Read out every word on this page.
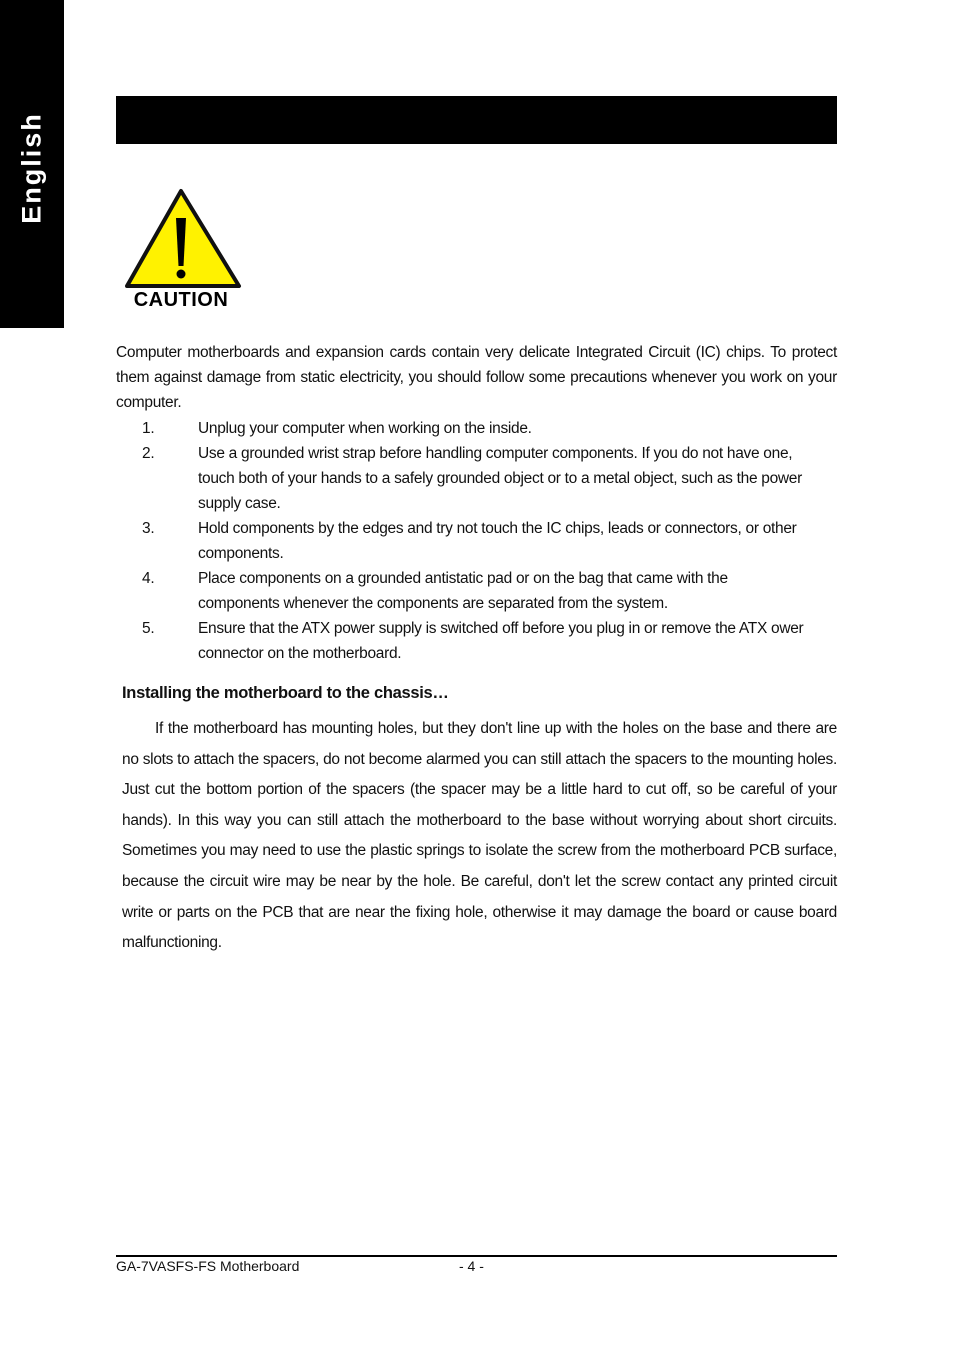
English
CAUTION

Computer motherboards and expansion cards contain very delicate Integrated Circuit (IC) chips. To protect them against damage from static electricity, you should follow some precautions whenever you work on your computer.

1.	Unplug your computer when working on the inside.
2.	Use a grounded wrist strap before handling computer components. If you do not have one, touch both of your hands to a safely grounded object or to a metal object, such as the power supply case.
3.	Hold components by the edges and try not touch the IC chips, leads or connectors, or other components.
4.	Place components on a grounded antistatic pad or on the bag that came with the components whenever the components are separated from the system.
5.	Ensure that the ATX power supply is switched off before you plug in or remove the ATX ower connector on the motherboard.
Installing the motherboard to the chassis…

If the motherboard has mounting holes, but they don't line up with the holes on the base and there are no slots to attach the spacers, do not become alarmed you can still attach the spacers to the mounting holes. Just cut the bottom portion of the spacers (the spacer may be a little hard to cut off, so be careful of your hands). In this way you can still attach the motherboard to the base without worrying about short circuits. Sometimes you may need to use the plastic springs to isolate the screw from the motherboard PCB surface, because the circuit wire may be near by the hole. Be careful, don't let the screw contact any printed circuit write or parts on the PCB that are near the fixing hole, otherwise it may damage the board or cause board malfunctioning.

GA-7VASFS-FS Motherboard	- 4 -
